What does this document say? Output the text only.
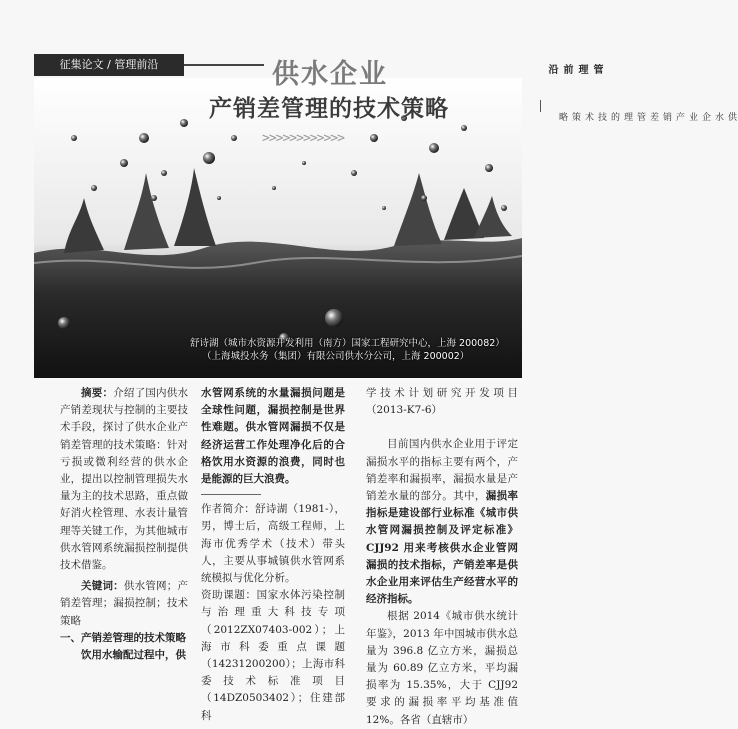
征集论文 / 管理前沿	供水企业
产销差管理的技术策略
>>>>>>>>>>>>
舒诗湖（城市水资源开发利用（南方）国家工程研究中心，上海 200082）
（上海城投水务（集团）有限公司供水分公司，上海 200002）
管理前沿
供水企业产销差管理的技术策略

摘要：介绍了国内供水产销差现状与控制的主要技术手段，探讨了供水企业产销差管理的技术策略：针对亏损或微利经营的供水企业，提出以控制管理损失水量为主的技术思路，重点做好消火栓管理、水表计量管理等关键工作，为其他城市供水管网系统漏损控制提供技术借鉴。

关键词：供水管网；产销差管理；漏损控制；技术策略

一、产销差管理的技术策略

饮用水输配过程中，供

水管网系统的水量漏损问题是全球性问题，漏损控制是世界性难题。供水管网漏损不仅是经济运营工作处理净化后的合格饮用水资源的浪费，同时也是能源的巨大浪费。

作者简介：舒诗湖（1981-），男，博士后，高级工程师，上海市优秀学术（技术）带头人，主要从事城镇供水管网系统模拟与优化分析。

资助课题：国家水体污染控制与治理重大科技专项（2012ZX07403-002）；上海市科委重点课题（14231200200）；上海市科委技术标准项目（14DZ0503402）；住建部科

学技术计划研究开发项目（2013-K7-6）

目前国内供水企业用于评定漏损水平的指标主要有两个，产销差率和漏损率，漏损水量是产销差水量的部分。其中，漏损率指标是建设部行业标准《城市供水管网漏损控制及评定标准》CJJ92 用来考核供水企业管网漏损的技术指标，产销差率是供水企业用来评估生产经营水平的经济指标。

根据 2014《城市供水统计年鉴》，2013 年中国城市供水总量为 396.8 亿立方米，漏损总量为 60.89 亿立方米，平均漏损率为 15.35%，大于 CJJ92 要求的漏损率平均基准值 12%。各省（直辖市）
